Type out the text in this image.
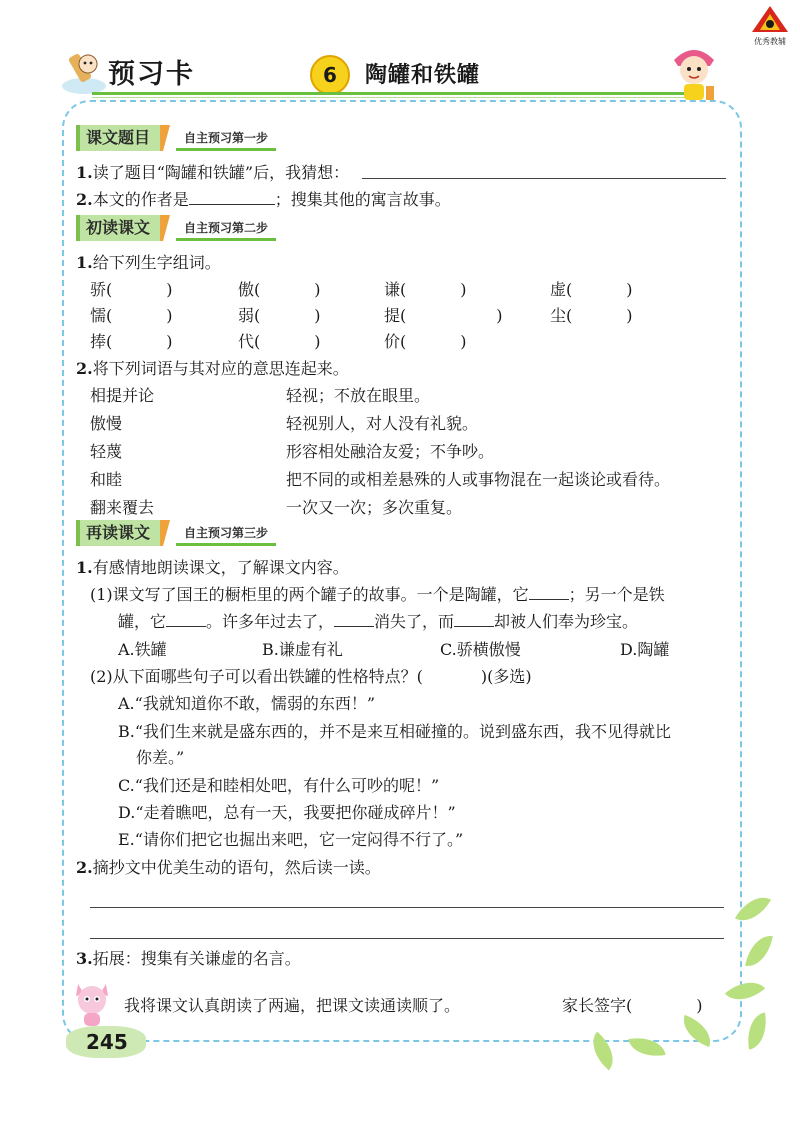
优秀教辅
预习卡	6	陶罐和铁罐
课文题目	自主预习第一步
1.读了题目“陶罐和铁罐”后，我猜想：
2.本文的作者是	；搜集其他的寓言故事。
初读课文	自主预习第二步
1.给下列生字组词。
骄(	)	傲(	)	谦(	)	虚(	)
懦(	)	弱(	)	提(	)	尘(	)
捧(	)	代(	)	价(	)
2.将下列词语与其对应的意思连起来。
相提并论	轻视；不放在眼里。
傲慢	轻视别人，对人没有礼貌。
轻蔑	形容相处融洽友爱；不争吵。
和睦	把不同的或相差悬殊的人或事物混在一起谈论或看待。
翻来覆去	一次又一次；多次重复。
再读课文	自主预习第三步
1.有感情地朗读课文，了解课文内容。
(1)课文写了国王的橱柜里的两个罐子的故事。一个是陶罐，它	；另一个是铁
罐，它	。许多年过去了，	消失了，而	却被人们奉为珍宝。
A.铁罐	B.谦虚有礼	C.骄横傲慢	D.陶罐
(2)从下面哪些句子可以看出铁罐的性格特点？(	)(多选)
A.“我就知道你不敢，懦弱的东西！”
B.“我们生来就是盛东西的，并不是来互相碰撞的。说到盛东西，我不见得就比
你差。”
C.“我们还是和睦相处吧，有什么可吵的呢！”
D.“走着瞧吧，总有一天，我要把你碰成碎片！”
E.“请你们把它也掘出来吧，它一定闷得不行了。”
2.摘抄文中优美生动的语句，然后读一读。
3.拓展：搜集有关谦虚的名言。
我将课文认真朗读了两遍，把课文读通读顺了。	家长签字(	)
245
